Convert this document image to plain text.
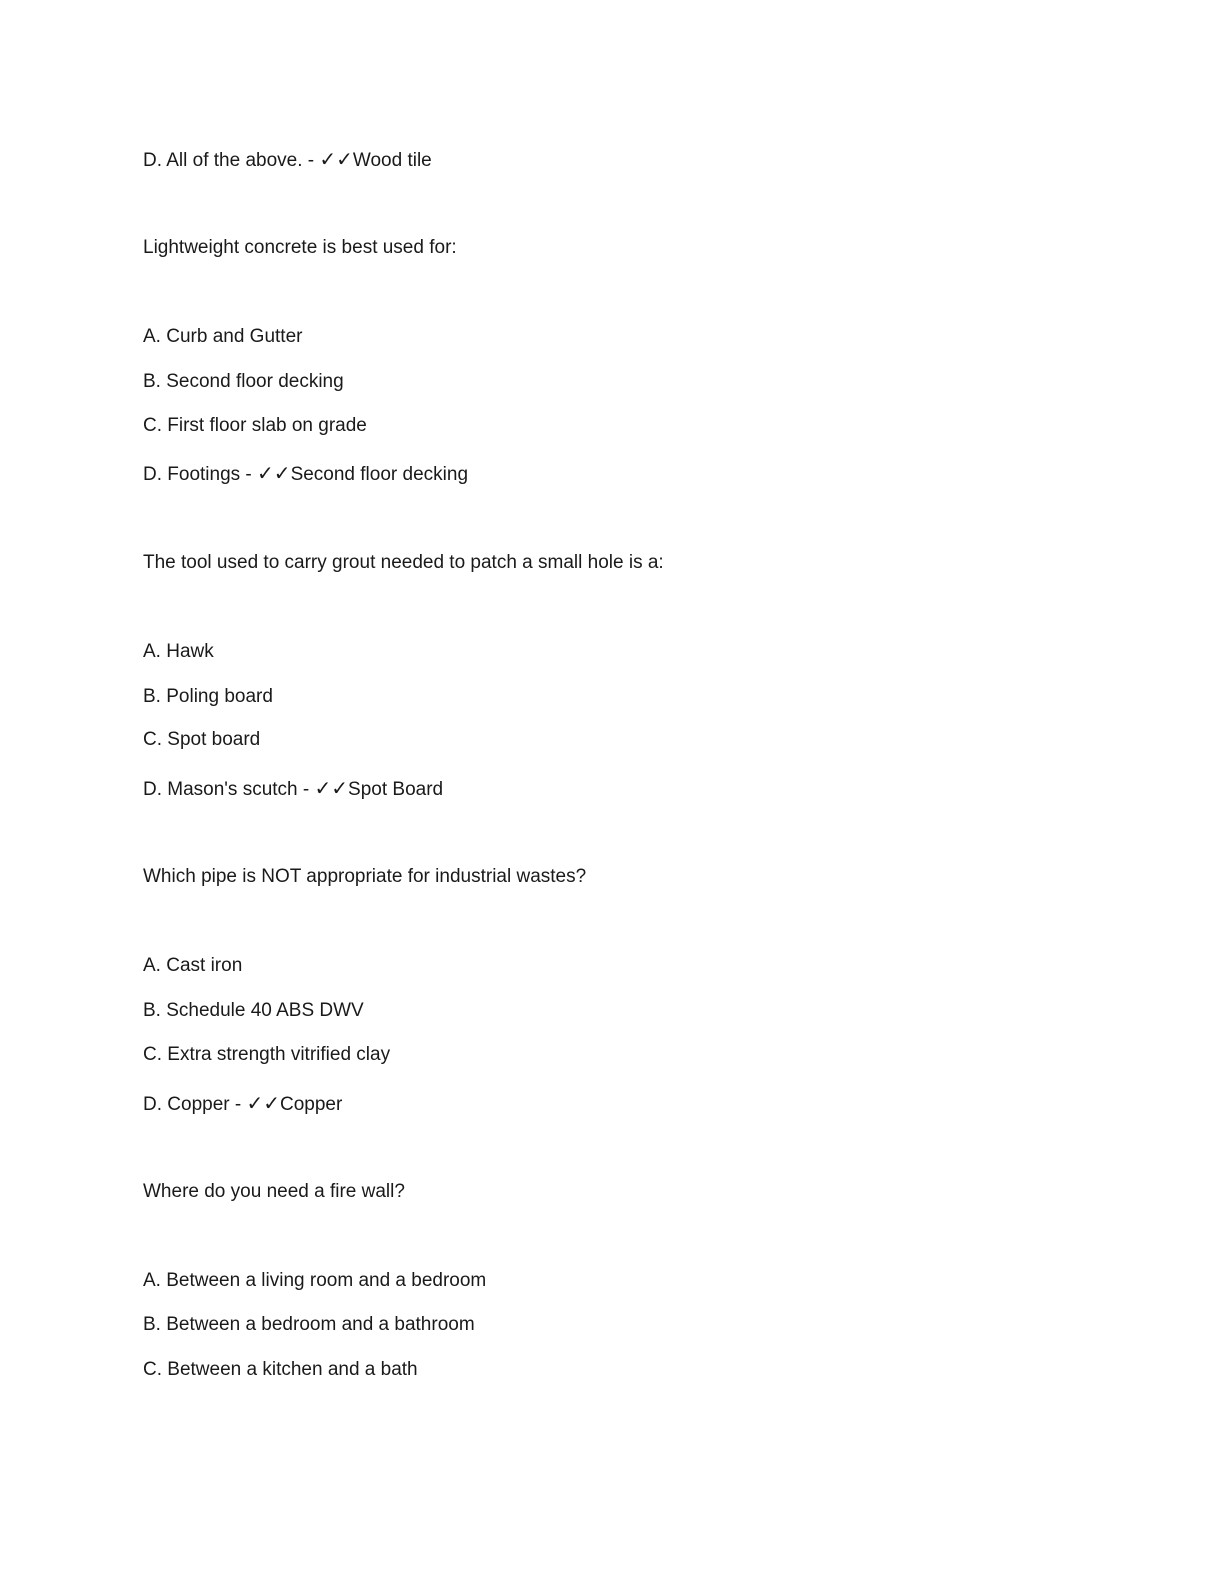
D. All of the above. - ✓✓Wood tile
Lightweight concrete is best used for:
A. Curb and Gutter
B. Second floor decking
C. First floor slab on grade
D. Footings - ✓✓Second floor decking
The tool used to carry grout needed to patch a small hole is a:
A. Hawk
B. Poling board
C. Spot board
D. Mason's scutch - ✓✓Spot Board
Which pipe is NOT appropriate for industrial wastes?
A. Cast iron
B. Schedule 40 ABS DWV
C. Extra strength vitrified clay
D. Copper - ✓✓Copper
Where do you need a fire wall?
A. Between a living room and a bedroom
B. Between a bedroom and a bathroom
C. Between a kitchen and a bath
